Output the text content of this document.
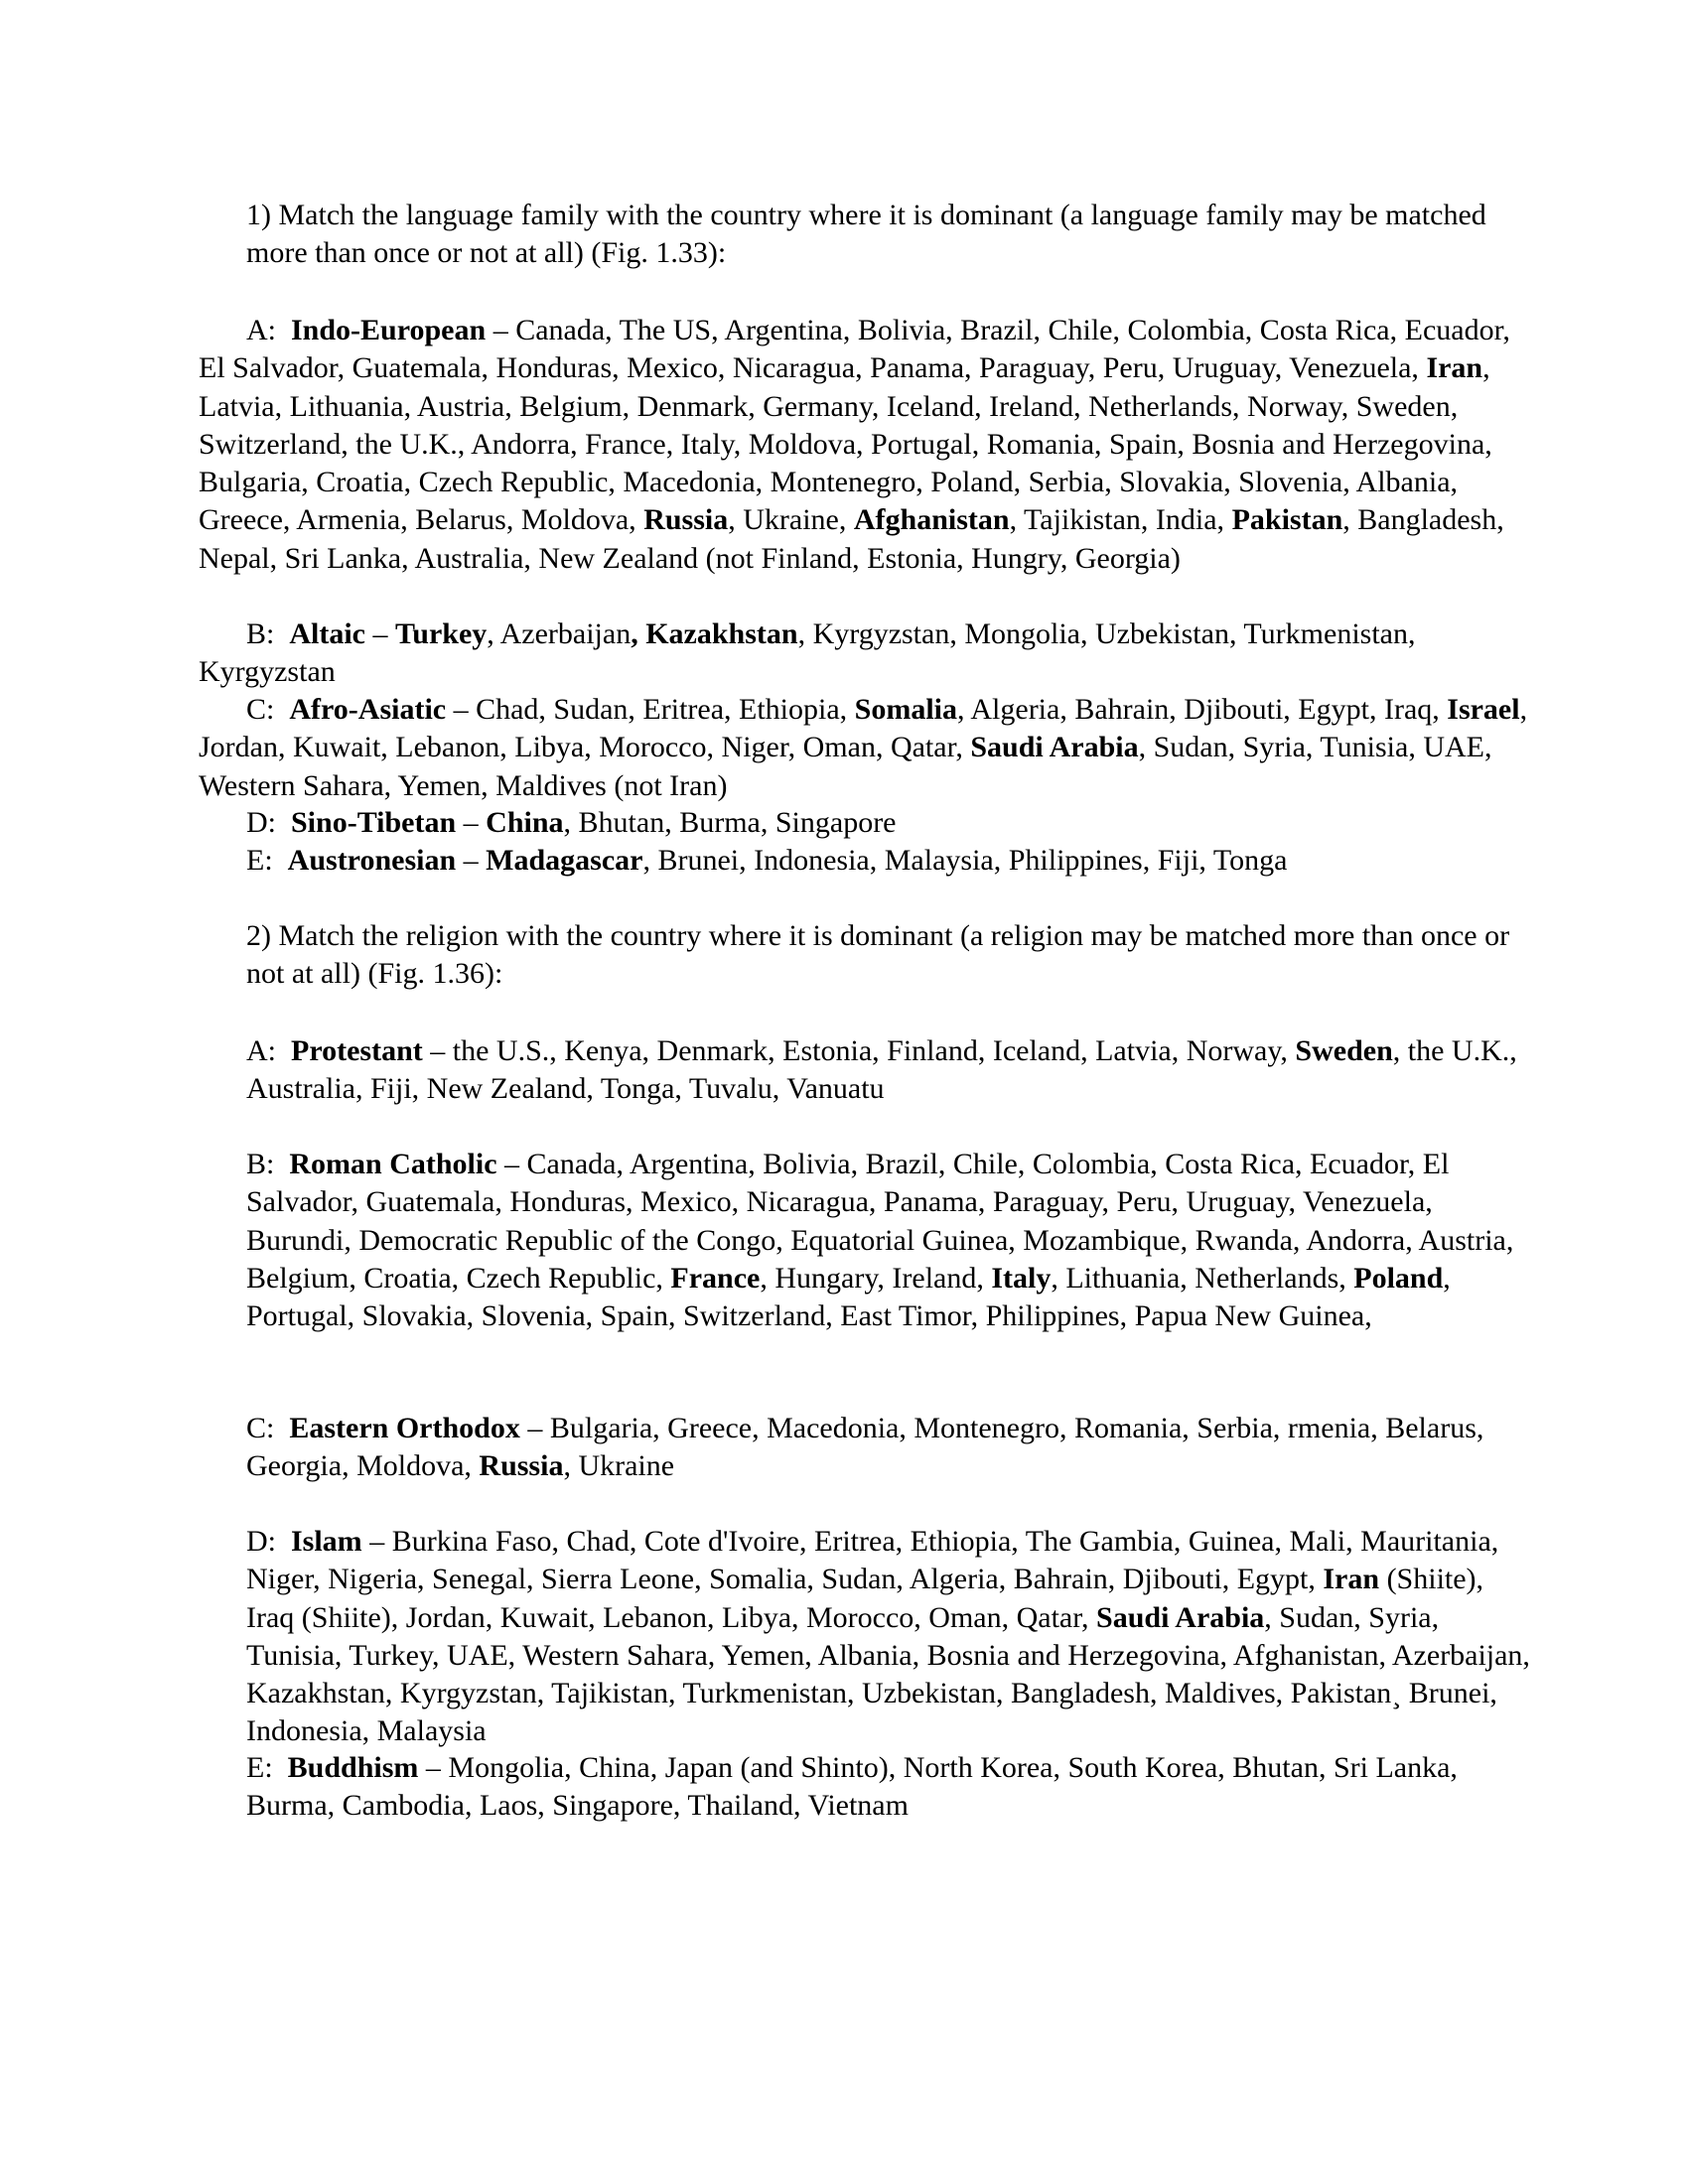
1) Match the language family with the country where it is dominant (a language family may be matched more than once or not at all) (Fig. 1.33):

A: Indo-European – Canada, The US, Argentina, Bolivia, Brazil, Chile, Colombia, Costa Rica, Ecuador, El Salvador, Guatemala, Honduras, Mexico, Nicaragua, Panama, Paraguay, Peru, Uruguay, Venezuela, Iran, Latvia, Lithuania, Austria, Belgium, Denmark, Germany, Iceland, Ireland, Netherlands, Norway, Sweden, Switzerland, the U.K., Andorra, France, Italy, Moldova, Portugal, Romania, Spain, Bosnia and Herzegovina, Bulgaria, Croatia, Czech Republic, Macedonia, Montenegro, Poland, Serbia, Slovakia, Slovenia, Albania, Greece, Armenia, Belarus, Moldova, Russia, Ukraine, Afghanistan, Tajikistan, India, Pakistan, Bangladesh, Nepal, Sri Lanka, Australia, New Zealand (not Finland, Estonia, Hungry, Georgia)

B: Altaic – Turkey, Azerbaijan, Kazakhstan, Kyrgyzstan, Mongolia, Uzbekistan, Turkmenistan, Kyrgyzstan

C: Afro-Asiatic – Chad, Sudan, Eritrea, Ethiopia, Somalia, Algeria, Bahrain, Djibouti, Egypt, Iraq, Israel, Jordan, Kuwait, Lebanon, Libya, Morocco, Niger, Oman, Qatar, Saudi Arabia, Sudan, Syria, Tunisia, UAE, Western Sahara, Yemen, Maldives (not Iran)

D: Sino-Tibetan – China, Bhutan, Burma, Singapore

E: Austronesian – Madagascar, Brunei, Indonesia, Malaysia, Philippines, Fiji, Tonga

2) Match the religion with the country where it is dominant (a religion may be matched more than once or not at all) (Fig. 1.36):

A: Protestant – the U.S., Kenya, Denmark, Estonia, Finland, Iceland, Latvia, Norway, Sweden, the U.K., Australia, Fiji, New Zealand, Tonga, Tuvalu, Vanuatu

B: Roman Catholic – Canada, Argentina, Bolivia, Brazil, Chile, Colombia, Costa Rica, Ecuador, El Salvador, Guatemala, Honduras, Mexico, Nicaragua, Panama, Paraguay, Peru, Uruguay, Venezuela, Burundi, Democratic Republic of the Congo, Equatorial Guinea, Mozambique, Rwanda, Andorra, Austria, Belgium, Croatia, Czech Republic, France, Hungary, Ireland, Italy, Lithuania, Netherlands, Poland, Portugal, Slovakia, Slovenia, Spain, Switzerland, East Timor, Philippines, Papua New Guinea,

C: Eastern Orthodox – Bulgaria, Greece, Macedonia, Montenegro, Romania, Serbia, rmenia, Belarus, Georgia, Moldova, Russia, Ukraine

D: Islam – Burkina Faso, Chad, Cote d'Ivoire, Eritrea, Ethiopia, The Gambia, Guinea, Mali, Mauritania, Niger, Nigeria, Senegal, Sierra Leone, Somalia, Sudan, Algeria, Bahrain, Djibouti, Egypt, Iran (Shiite), Iraq (Shiite), Jordan, Kuwait, Lebanon, Libya, Morocco, Oman, Qatar, Saudi Arabia, Sudan, Syria, Tunisia, Turkey, UAE, Western Sahara, Yemen, Albania, Bosnia and Herzegovina, Afghanistan, Azerbaijan, Kazakhstan, Kyrgyzstan, Tajikistan, Turkmenistan, Uzbekistan, Bangladesh, Maldives, Pakistan¸ Brunei, Indonesia, Malaysia

E: Buddhism – Mongolia, China, Japan (and Shinto), North Korea, South Korea, Bhutan, Sri Lanka, Burma, Cambodia, Laos, Singapore, Thailand, Vietnam
